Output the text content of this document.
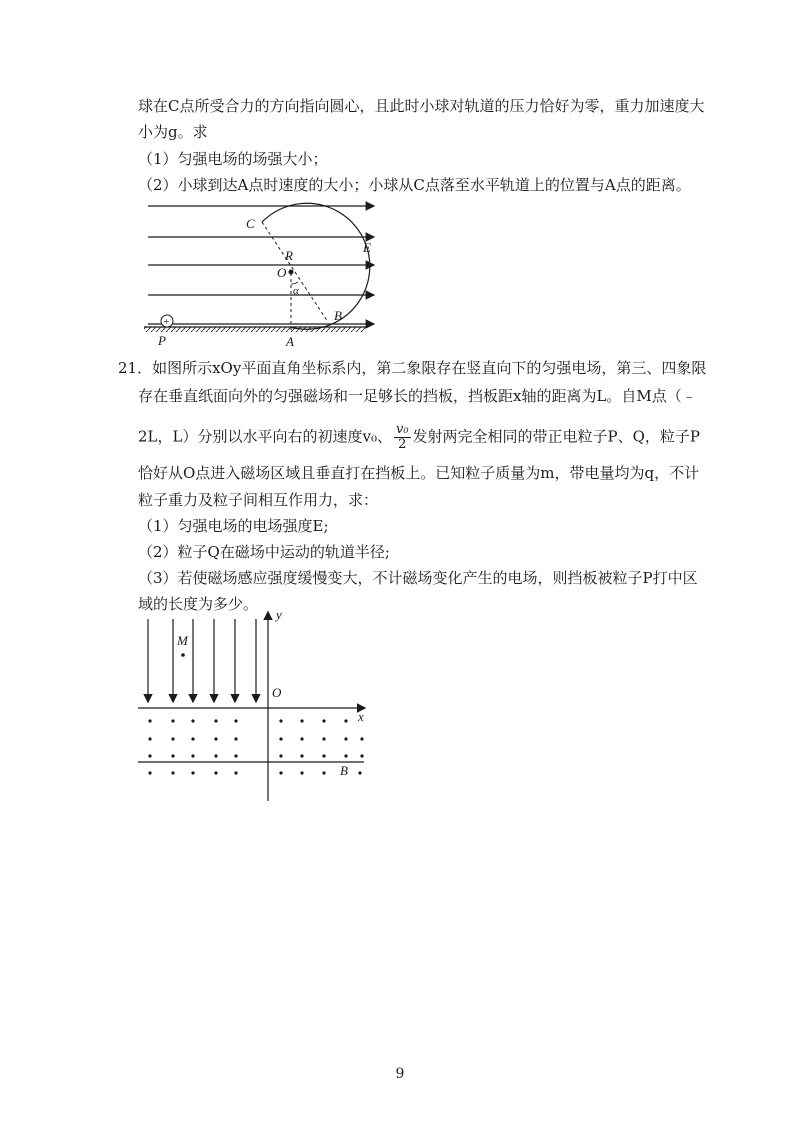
球在C点所受合力的方向指向圆心，且此时小球对轨道的压力恰好为零，重力加速度大
小为g。求
（1）匀强电场的场强大小；
（2）小球到达A点时速度的大小；小球从C点落至水平轨道上的位置与A点的距离。
+
C
R
O
E
α
B
P	A
21．如图所示xOy平面直角坐标系内，第二象限存在竖直向下的匀强电场，第三、四象限
存在垂直纸面向外的匀强磁场和一足够长的挡板，挡板距x轴的距离为L。自M点（﹣
2L，L）分别以水平向右的初速度v₀、 $\frac{\text{v₀}}{2}$ 发射两完全相同的带正电粒子P、Q，粒子P
恰好从O点进入磁场区域且垂直打在挡板上。已知粒子质量为m，带电量均为q，不计
粒子重力及粒子间相互作用力，求：
（1）匀强电场的电场强度E;
（2）粒子Q在磁场中运动的轨道半径;
（3）若使磁场感应强度缓慢变大，不计磁场变化产生的电场，则挡板被粒子P打中区
域的长度为多少。
y
M
O
x
B
9
